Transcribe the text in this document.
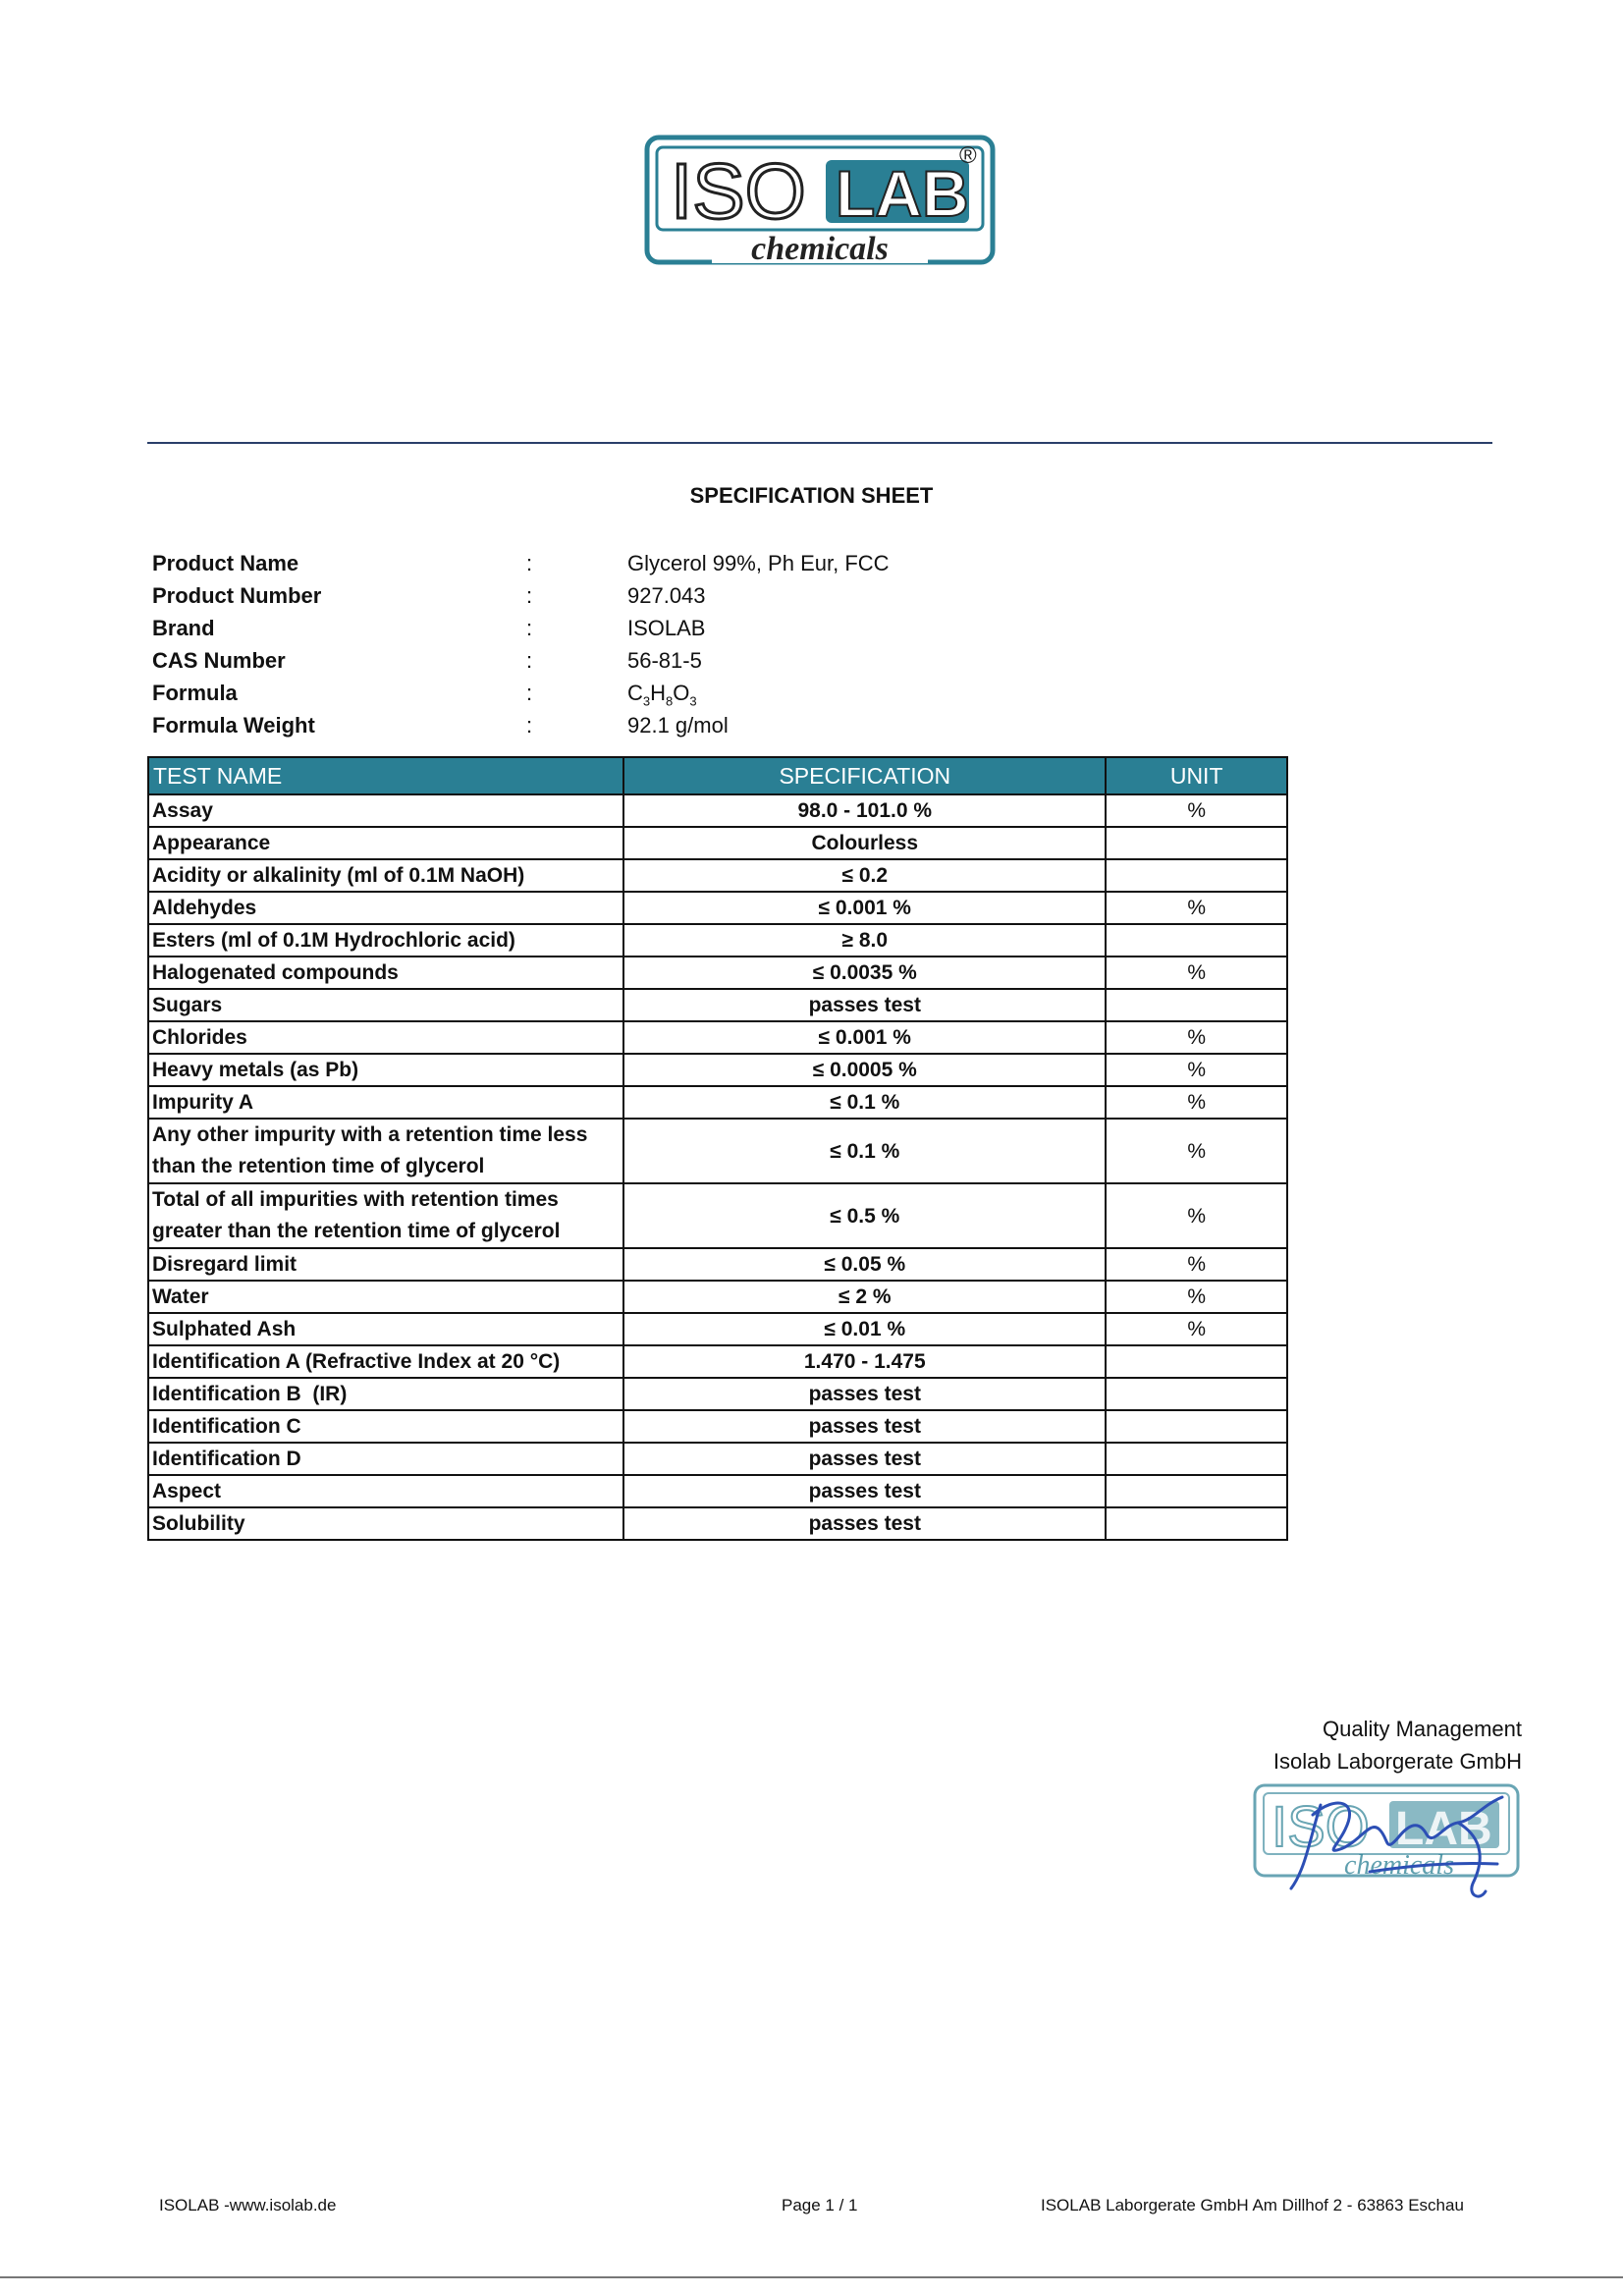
ISO LAB
®
chemicals
SPECIFICATION SHEET
Product Name	:	Glycerol 99%, Ph Eur, FCC
Product Number	:	927.043
Brand	:	ISOLAB
CAS Number	:	56-81-5
Formula	:	$C_3H_8O_3$
Formula Weight	:	92.1 g/mol
TEST NAME	SPECIFICATION	UNIT
Assay	98.0 - 101.0 %	%
Appearance	Colourless	
Acidity or alkalinity (ml of 0.1M NaOH)	≤ 0.2	
Aldehydes	≤ 0.001 %	%
Esters (ml of 0.1M Hydrochloric acid)	≥ 8.0	
Halogenated compounds	≤ 0.0035 %	%
Sugars	passes test	
Chlorides	≤ 0.001 %	%
Heavy metals (as Pb)	≤ 0.0005 %	%
Impurity A	≤ 0.1 %	%
Any other impurity with a retention time less than the retention time of glycerol	≤ 0.1 %	%
Total of all impurities with retention times greater than the retention time of glycerol	≤ 0.5 %	%
Disregard limit	≤ 0.05 %	%
Water	≤ 2 %	%
Sulphated Ash	≤ 0.01 %	%
Identification A (Refractive Index at 20 °C)	1.470 - 1.475	
Identification B  (IR)	passes test	
Identification C	passes test	
Identification D	passes test	
Aspect	passes test	
Solubility	passes test	
Quality Management
Isolab Laborgerate GmbH
ISO LAB
chemicals
ISOLAB -www.isolab.de	Page 1 / 1	ISOLAB Laborgerate GmbH Am Dillhof 2 - 63863 Eschau
